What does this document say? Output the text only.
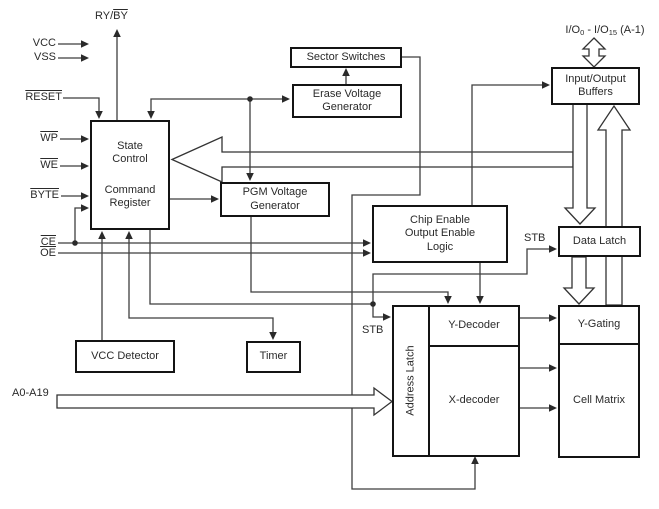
State Control
Command Register
Sector Switches
Erase Voltage Generator
PGM Voltage Generator
Input/Output Buffers
Chip Enable Output Enable Logic	Data Latch
VCC Detector	Timer	Address Latch
Y-Decoder
X-decoder
Y-Gating
Cell Matrix
VCC
VSS
RESET
$\overline{WP}$
$\overline{WE}$
BYTE
$\overline{CE}$
$\overline{OE}$
A0-A19
$RY/\overline{BY}$
$I/O_0 - I/O_{15}$ (A-1)
STB
STB
